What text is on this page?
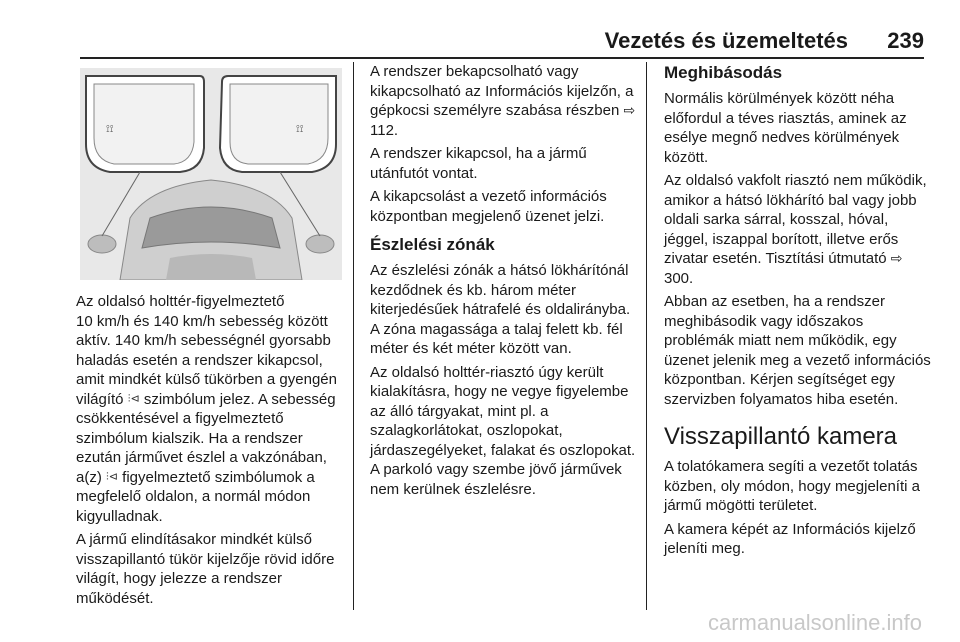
Vezetés és üzemeltetés 239
⟟⟟	⟟⟟

Az oldalsó holttér-figyelmeztető
10 km/h és 140 km/h sebesség között aktív. 140 km/h sebességnél gyorsabb haladás esetén a rendszer kikapcsol, amit mindkét külső tükörben a gyengén világító ⫶⊲ szimbólum jelez. A sebesség csökkentésével a figyelmeztető szimbólum kialszik. Ha a rendszer ezután járművet észlel a vakzónában, a(z) ⫶⊲ figyelmeztető szimbólumok a megfelelő oldalon, a normál módon kigyulladnak.

A jármű elindításakor mindkét külső visszapillantó tükör kijelzője rövid időre világít, hogy jelezze a rendszer működését.

A rendszer bekapcsolható vagy kikapcsolható az Információs kijelzőn, a gépkocsi személyre szabása részben ⇨ 112.

A rendszer kikapcsol, ha a jármű utánfutót vontat.

A kikapcsolást a vezető információs központban megjelenő üzenet jelzi.

Észlelési zónák

Az észlelési zónák a hátsó lökhárítónál kezdődnek és kb. három méter kiterjedésűek hátrafelé és oldalirányba. A zóna magassága a talaj felett kb. fél méter és két méter között van.

Az oldalsó holttér-riasztó úgy került kialakításra, hogy ne vegye figyelembe az álló tárgyakat, mint pl. a szalagkorlátokat, oszlopokat, járdaszegélyeket, falakat és oszlopokat. A parkoló vagy szembe jövő járművek nem kerülnek észlelésre.

Meghibásodás

Normális körülmények között néha előfordul a téves riasztás, aminek az esélye megnő nedves körülmények között.

Az oldalsó vakfolt riasztó nem működik, amikor a hátsó lökhárító bal vagy jobb oldali sarka sárral, kosszal, hóval, jéggel, iszappal borított, illetve erős zivatar esetén. Tisztítási útmutató ⇨ 300.

Abban az esetben, ha a rendszer meghibásodik vagy időszakos problémák miatt nem működik, egy üzenet jelenik meg a vezető információs központban. Kérjen segítséget egy szervizben folyamatos hiba esetén.

Visszapillantó kamera

A tolatókamera segíti a vezetőt tolatás közben, oly módon, hogy megjeleníti a jármű mögötti területet.

A kamera képét az Információs kijelző jeleníti meg.

carmanualsonline.info
